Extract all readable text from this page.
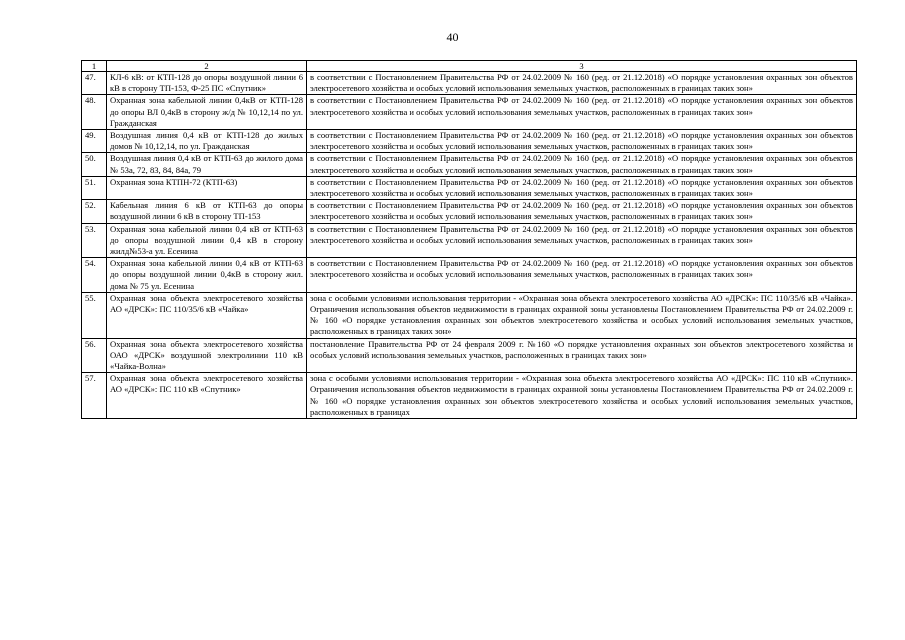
40
1	2	3
47.	КЛ-6 кВ: от КТП-128 до опоры воздушной линии 6 кВ в сторону ТП-153, Ф-25 ПС «Спутник»	в соответствии с Постановлением Правительства РФ от 24.02.2009 № 160 (ред. от 21.12.2018) «О порядке установления охранных зон объектов электросетевого хозяйства и особых условий использования земельных участков, расположенных в границах таких зон»
48.	Охранная зона кабельной линии 0,4кВ от КТП-128 до опоры ВЛ 0,4кВ в сторону ж/д № 10,12,14 по ул. Гражданская	в соответствии с Постановлением Правительства РФ от 24.02.2009 № 160 (ред. от 21.12.2018) «О порядке установления охранных зон объектов электросетевого хозяйства и особых условий использования земельных участков, расположенных в границах таких зон»
49.	Воздушная линия 0,4 кВ от КТП-128 до жилых домов № 10,12,14, по ул. Гражданская	в соответствии с Постановлением Правительства РФ от 24.02.2009 № 160 (ред. от 21.12.2018) «О порядке установления охранных зон объектов электросетевого хозяйства и особых условий использования земельных участков, расположенных в границах таких зон»
50.	Воздушная линия 0,4 кВ от КТП-63 до жилого дома № 53а, 72, 83, 84, 84а, 79	в соответствии с Постановлением Правительства РФ от 24.02.2009 № 160 (ред. от 21.12.2018) «О порядке установления охранных зон объектов электросетевого хозяйства и особых условий использования земельных участков, расположенных в границах таких зон»
51.	Охранная зона КТПН-72 (КТП-63)	в соответствии с Постановлением Правительства РФ от 24.02.2009 № 160 (ред. от 21.12.2018) «О порядке установления охранных зон объектов электросетевого хозяйства и особых условий использования земельных участков, расположенных в границах таких зон»
52.	Кабельная линия 6 кВ от КТП-63 до опоры воздушной линии 6 кВ в сторону ТП-153	в соответствии с Постановлением Правительства РФ от 24.02.2009 № 160 (ред. от 21.12.2018) «О порядке установления охранных зон объектов электросетевого хозяйства и особых условий использования земельных участков, расположенных в границах таких зон»
53.	Охранная зона кабельной линии 0,4 кВ от КТП-63 до опоры воздушной линии 0,4 кВ в сторону жилд№53-а ул. Есенина	в соответствии с Постановлением Правительства РФ от 24.02.2009 № 160 (ред. от 21.12.2018) «О порядке установления охранных зон объектов электросетевого хозяйства и особых условий использования земельных участков, расположенных в границах таких зон»
54.	Охранная зона кабельной линии 0,4 кВ от КТП-63 до опоры воздушной линии 0,4кВ в сторону жил. дома № 75 ул. Есенина	в соответствии с Постановлением Правительства РФ от 24.02.2009 № 160 (ред. от 21.12.2018) «О порядке установления охранных зон объектов электросетевого хозяйства и особых условий использования земельных участков, расположенных в границах таких зон»
55.	Охранная зона объекта электросетевого хозяйства АО «ДРСК»: ПС 110/35/6 кВ «Чайка»	зона с особыми условиями использования территории - «Охранная зона объекта электросетевого хозяйства АО «ДРСК»: ПС 110/35/6 кВ «Чайка». Ограничения использования объектов недвижимости в границах охранной зоны установлены Постановлением Правительства РФ от 24.02.2009 г. № 160 «О порядке установления охранных зон объектов электросетевого хозяйства и особых условий использования земельных участков, расположенных в границах таких зон»
56.	Охранная зона объекта электросетевого хозяйства ОАО «ДРСК» воздушной электролинии 110 кВ «Чайка-Волна»	постановление Правительства РФ от 24 февраля 2009 г. №160 «О порядке установления охранных зон объектов электросетевого хозяйства и особых условий использования земельных участков, расположенных в границах таких зон»
57.	Охранная зона объекта электросетевого хозяйства АО «ДРСК»: ПС 110 кВ «Спутник»	зона с особыми условиями использования территории - «Охранная зона объекта электросетевого хозяйства АО «ДРСК»: ПС 110 кВ «Спутник». Ограничения использования объектов недвижимости в границах охранной зоны установлены Постановлением Правительства РФ от 24.02.2009 г. № 160 «О порядке установления охранных зон объектов электросетевого хозяйства и особых условий использования земельных участков, расположенных в границах
